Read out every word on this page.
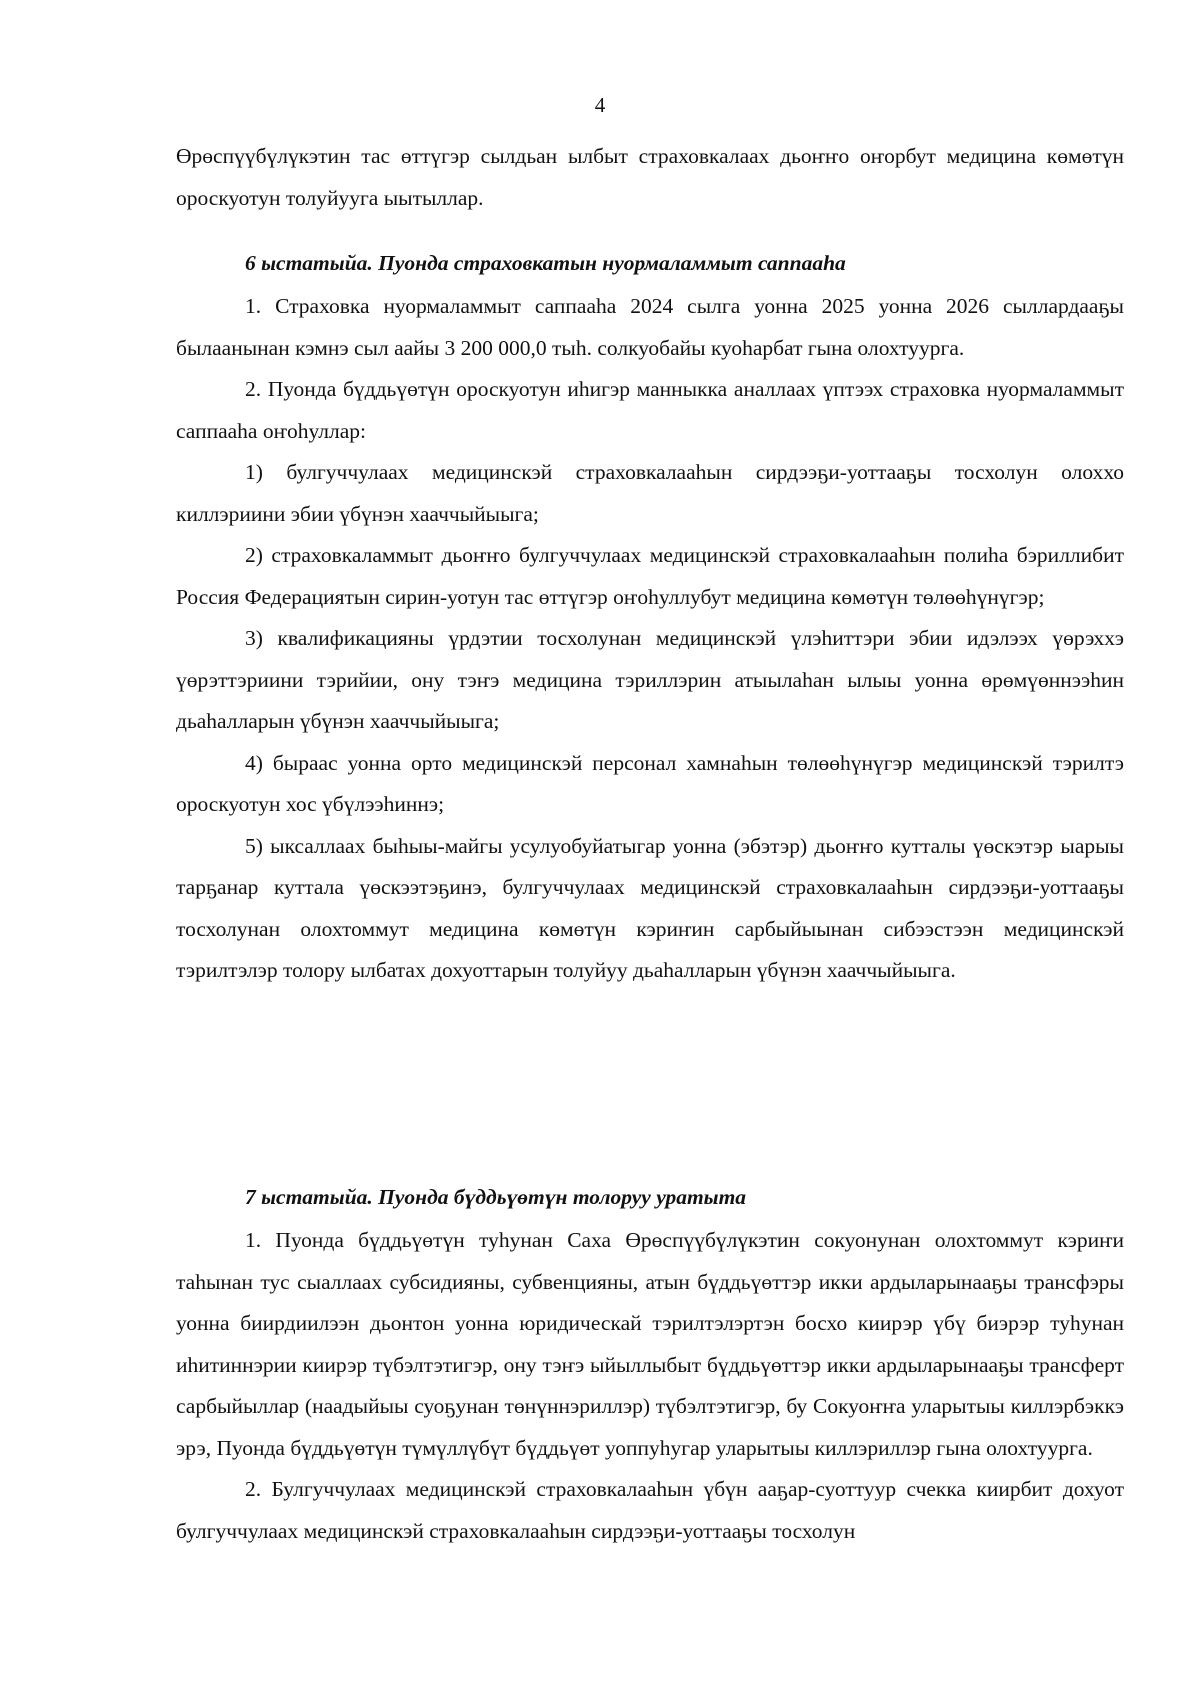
4

Өрөспүүбүлүкэтин тас өттүгэр сылдьан ылбыт страховкалаах дьоҥҥо оҥорбут медицина көмөтүн ороскуотун толуйууга ыытыллар.

6 ыстатыйа. Пуонда страховкатын нуормаламмыт саппааһа

1. Страховка нуормаламмыт саппааһа 2024 сылга уонна 2025 уонна 2026 сыллардааҕы былаанынан кэмнэ сыл аайы 3 200 000,0 тыһ. солкуобайы куоһарбат гына олохтуурга.

2. Пуонда бүддьүөтүн ороскуотун иһигэр манныкка аналлаах үптээх страховка нуормаламмыт саппааһа оҥоһуллар:

1) булгуччулаах медицинскэй страховкалааһын сирдээҕи-уоттааҕы тосхолун олоххо киллэриини эбии үбүнэн хааччыйыыга;

2) страховкаламмыт дьоҥҥо булгуччулаах медицинскэй страховкалааһын полиһа бэриллибит Россия Федерациятын сирин-уотун тас өттүгэр оҥоһуллубут медицина көмөтүн төлөөһүнүгэр;

3) квалификацияны үрдэтии тосхолунан медицинскэй үлэһиттэри эбии идэлээх үөрэххэ үөрэттэриини тэрийии, ону тэҥэ медицина тэриллэрин атыылаһан ылыы уонна өрөмүөннээһин дьаһалларын үбүнэн хааччыйыыга;

4) быраас уонна орто медицинскэй персонал хамнаһын төлөөһүнүгэр медицинскэй тэрилтэ ороскуотун хос үбүлээһиннэ;

5) ыксаллаах быһыы-майгы усулуобуйатыгар уонна (эбэтэр) дьоҥҥо кутталы үөскэтэр ыарыы тарҕанар куттала үөскээтэҕинэ, булгуччулаах медицинскэй страховкалааһын сирдээҕи-уоттааҕы тосхолунан олохтоммут медицина көмөтүн кэриҥин сарбыйыынан сибээстээн медицинскэй тэрилтэлэр толору ылбатах дохуоттарын толуйуу дьаһалларын үбүнэн хааччыйыыга.

7 ыстатыйа. Пуонда бүддьүөтүн толоруу уратыта

1. Пуонда бүддьүөтүн туһунан Саха Өрөспүүбүлүкэтин сокуонунан олохтоммут кэриҥи таһынан тус сыаллаах субсидияны, субвенцияны, атын бүддьүөттэр икки ардыларынааҕы трансфэры уонна биирдиилээн дьонтон уонна юридическай тэрилтэлэртэн босхо киирэр үбү биэрэр туһунан иһитиннэрии киирэр түбэлтэтигэр, ону тэҥэ ыйыллыбыт бүддьүөттэр икки ардыларынааҕы трансферт сарбыйыллар (наадыйыы суоҕунан төнүннэриллэр) түбэлтэтигэр, бу Сокуоҥҥа уларытыы киллэрбэккэ эрэ, Пуонда бүддьүөтүн түмүллүбүт бүддьүөт уоппуһугар уларытыы киллэриллэр гына олохтуурга.

2. Булгуччулаах медицинскэй страховкалааһын үбүн ааҕар-суоттуур счекка киирбит дохуот булгуччулаах медицинскэй страховкалааһын сирдээҕи-уоттааҕы тосхолун
